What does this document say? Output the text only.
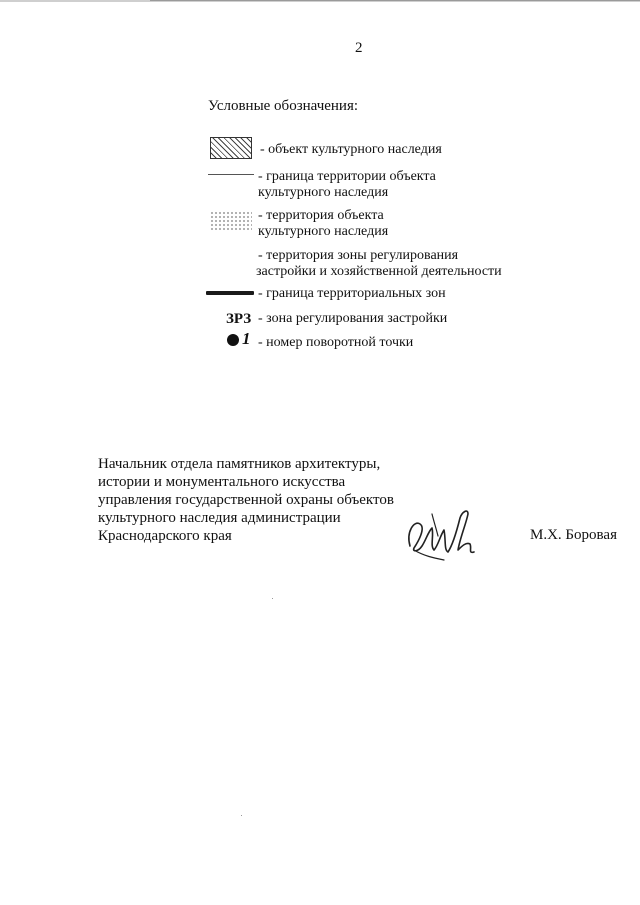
2
Условные обозначения:
- объект культурного наследия
- граница территории объекта
культурного наследия
- территория объекта
культурного наследия
- территория зоны регулирования
застройки и хозяйственной деятельности
- граница территориальных зон
ЗРЗ - зона регулирования застройки
1 - номер поворотной точки
Начальник отдела памятников архитектуры,
истории и монументального искусства
управления государственной охраны объектов
культурного наследия администрации
Краснодарского края	М.Х. Боровая
